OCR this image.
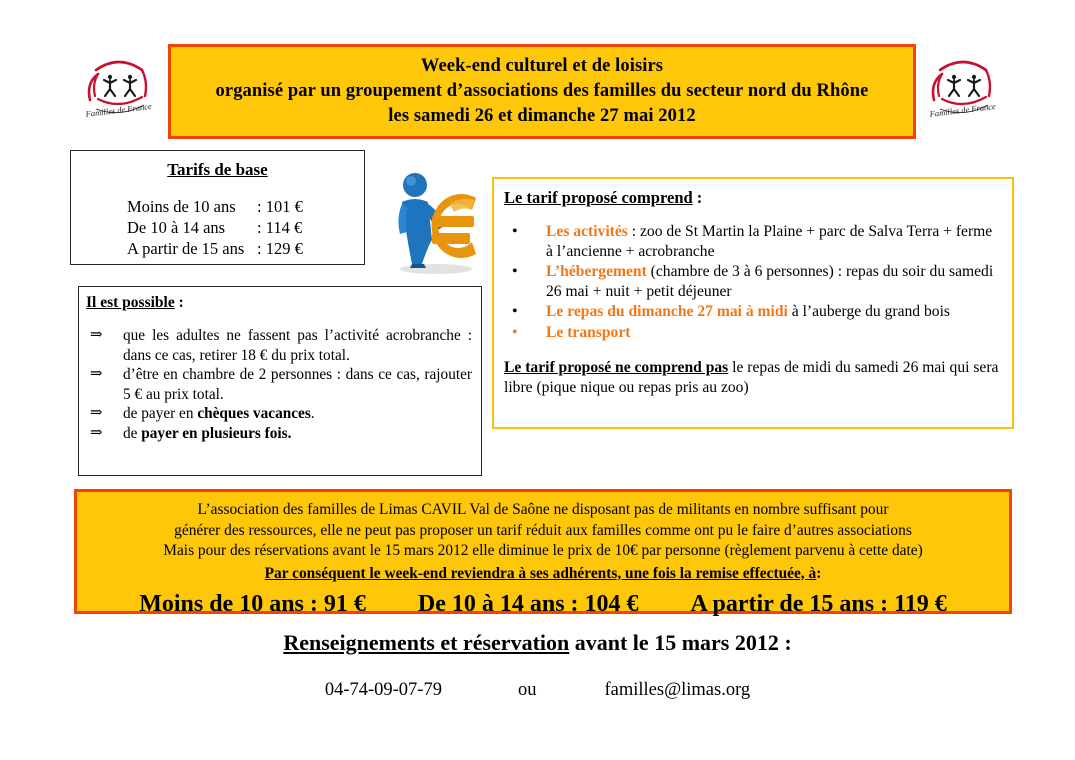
Familles de France	Familles de France
Week-end culturel et de loisirs
organisé par un groupement d’associations des familles du secteur nord du Rhône
les samedi 26 et dimanche 27 mai 2012
Tarifs de base
Moins de 10 ans	: 101 €
De 10 à 14 ans	: 114 €
A partir de 15 ans : 129 €
Le tarif proposé comprend :
• Les activités : zoo de St Martin la Plaine + parc de Salva Terra + ferme à l’ancienne + acrobranche
• L’hébergement (chambre de 3 à 6 personnes) : repas du soir du samedi 26 mai + nuit + petit déjeuner
• Le repas du dimanche 27 mai à midi à l’auberge du grand bois
• Le transport
Le tarif proposé ne comprend pas le repas de midi du samedi 26 mai qui sera libre (pique nique ou repas pris au zoo)
Il est possible :
⇒ que les adultes ne fassent pas l’activité acrobranche : dans ce cas, retirer 18 € du prix total.
⇒ d’être en chambre de 2 personnes : dans ce cas, rajouter 5 € au prix total.
⇒ de payer en chèques vacances.
⇒ de payer en plusieurs fois.
L’association des familles de Limas CAVIL Val de Saône ne disposant pas de militants en nombre suffisant pour
générer des ressources, elle ne peut pas proposer un tarif réduit aux familles comme ont pu le faire d’autres associations
Mais pour des réservations avant le 15 mars 2012 elle diminue le prix de 10€ par personne (règlement parvenu à cette date)
Par conséquent le week-end reviendra à ses adhérents, une fois la remise effectuée, à:
Moins de 10 ans : 91 € De 10 à 14 ans : 104 € A partir de 15 ans : 119 €
Renseignements et réservation avant le 15 mars 2012 :
04-74-09-07-79	ou	familles@limas.org
